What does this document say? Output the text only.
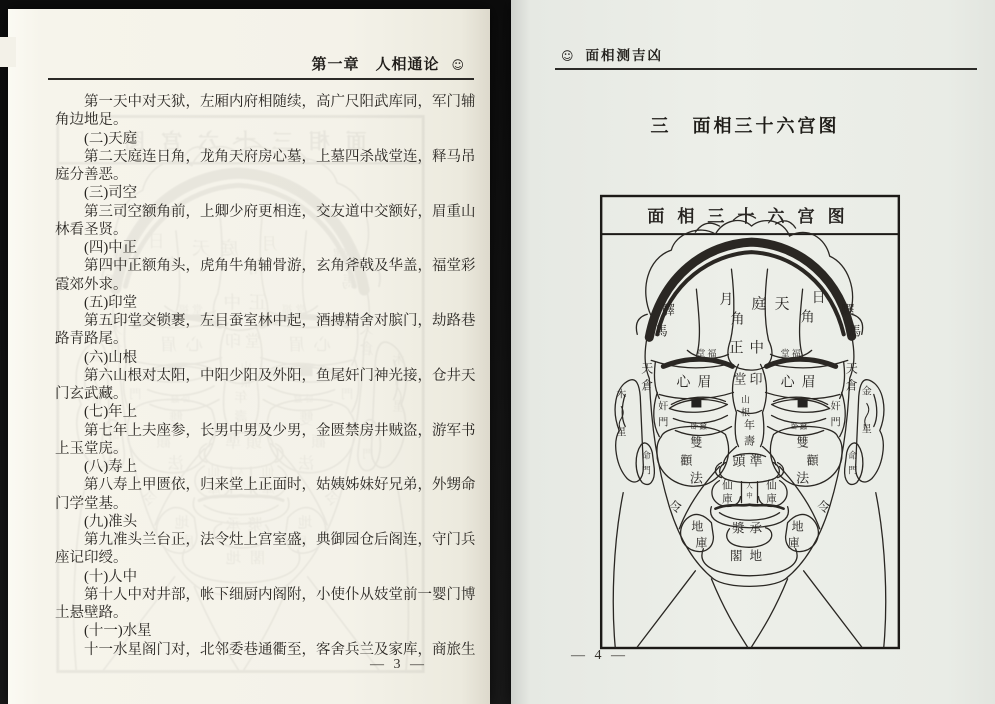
第一章　人相通论 ☺

　　第一天中对天狱，左厢内府相随续，高广尺阳武库同，军门辅

角边地足。

　　(二)天庭

　　第二天庭连日角，龙角天府房心墓，上墓四杀战堂连，释马吊

庭分善恶。

　　(三)司空

　　第三司空额角前，上卿少府更相连，交友道中交额好，眉重山

林看圣贤。

　　(四)中正

　　第四中正额角头，虎角牛角辅骨游，玄角斧戟及华盖，福堂彩

霞郊外求。

　　(五)印堂

　　第五印堂交锁裹，左目蚕室林中起，酒搏精舍对膑门，劫路巷

路青路尾。

　　(六)山根

　　第六山根对太阳，中阳少阳及外阳，鱼尾奸门神光接，仓井天

门玄武藏。

　　(七)年上

　　第七年上夫座参，长男中男及少男，金匮禁房井贼盗，游军书

上玉堂庑。

　　(八)寿上

　　第八寿上甲匮依，归来堂上正面时，姑姨姊妹好兄弟，外甥命

门学堂基。

　　(九)准头

　　第九准头兰台正，法令灶上宫室盛，典御园仓后阁连，守门兵

座记印绶。

　　(十)人中

　　第十人中对井部，帐下细厨内阁附，小使仆从妓堂前一婴门博

土悬壁路。

　　(十一)水星

　　十一水星阁门对，北邻委巷通衢至，客舍兵兰及家库，商旅生

— 3 —
☺ 面相测吉凶
三　面相三十六宫图
面相三十六宫图
庭天
月角
日角
驛馬
驛馬
正中
堂福	堂福
天倉
天倉
心眉	心眉
堂印
木星
金星
奸門
奸門
山根
卧蠶	卧蠶
年壽
雙顴
雙顴
命門
命門
法令
法令
頭準
仙庫
仙庫
人中
地庫
地庫
漿承
閣地
— 4 —
